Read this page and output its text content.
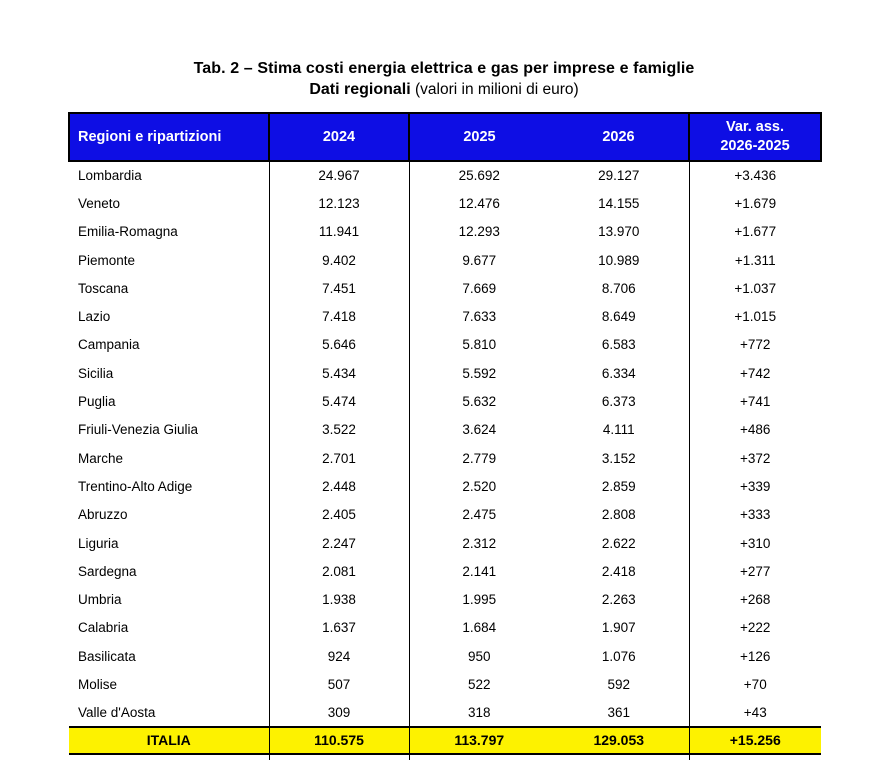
Tab. 2 – Stima costi energia elettrica e gas per imprese e famiglie
Dati regionali (valori in milioni di euro)
Regioni e ripartizioni	2024	2025	2026	Var. ass.
2026-2025
Lombardia	24.967	25.692	29.127	+3.436
Veneto	12.123	12.476	14.155	+1.679
Emilia-Romagna	11.941	12.293	13.970	+1.677
Piemonte	9.402	9.677	10.989	+1.311
Toscana	7.451	7.669	8.706	+1.037
Lazio	7.418	7.633	8.649	+1.015
Campania	5.646	5.810	6.583	+772
Sicilia	5.434	5.592	6.334	+742
Puglia	5.474	5.632	6.373	+741
Friuli-Venezia Giulia	3.522	3.624	4.111	+486
Marche	2.701	2.779	3.152	+372
Trentino-Alto Adige	2.448	2.520	2.859	+339
Abruzzo	2.405	2.475	2.808	+333
Liguria	2.247	2.312	2.622	+310
Sardegna	2.081	2.141	2.418	+277
Umbria	1.938	1.995	2.263	+268
Calabria	1.637	1.684	1.907	+222
Basilicata	924	950	1.076	+126
Molise	507	522	592	+70
Valle d'Aosta	309	318	361	+43
ITALIA	110.575	113.797	129.053	+15.256
